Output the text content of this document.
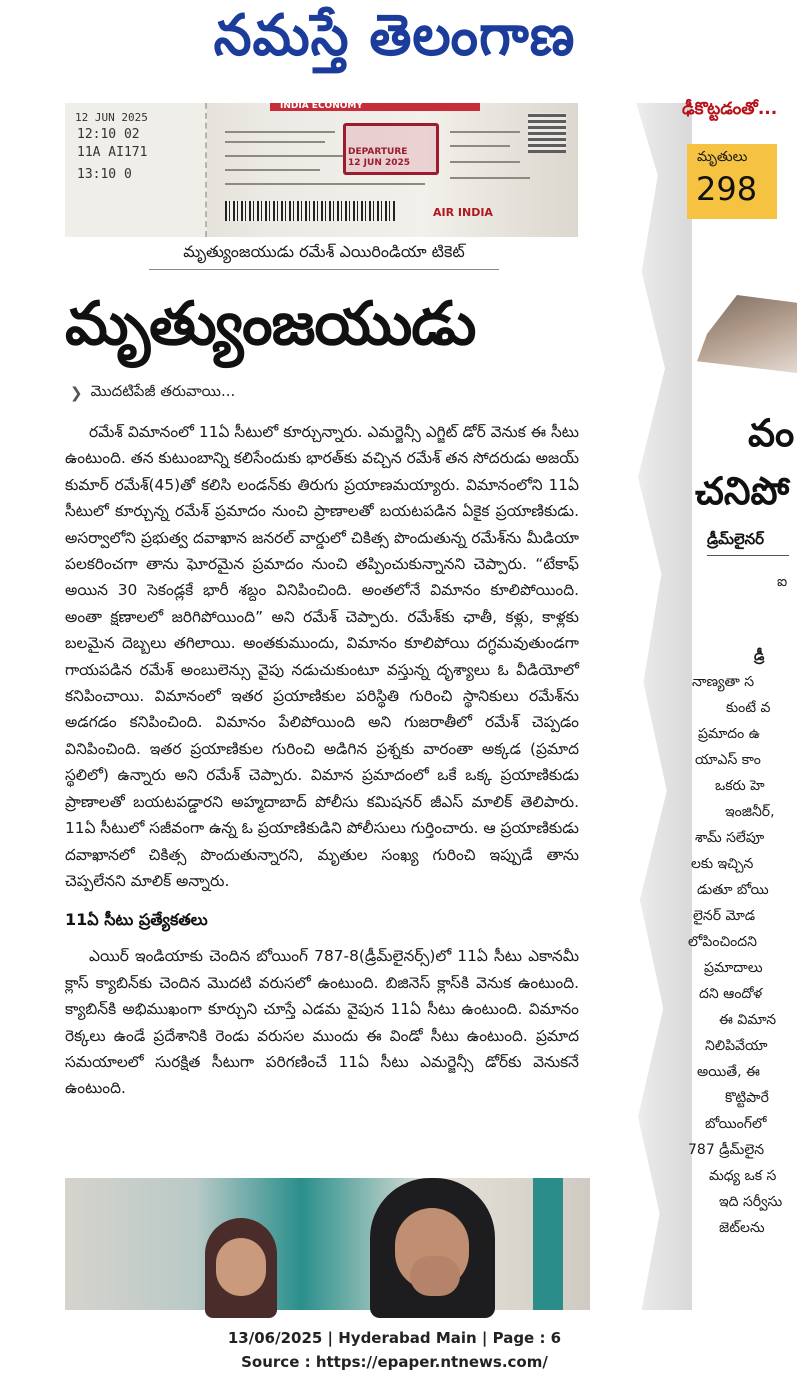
నమస్తే తెలంగాణ
12 JUN 2025
12:10 02
11A AI171
13:10 0
INDIA ECONOMY
DEPARTURE
12 JUN 2025
AIR INDIA
మృత్యుంజయుడు రమేశ్ ఎయిరిండియా టికెట్
మృత్యుంజయుడు
❯ మొదటిపేజీ తరువాయి...

రమేశ్ విమానంలో 11ఏ సీటులో కూర్చున్నారు. ఎమర్జెన్సీ ఎగ్జిట్ డోర్ వెనుక ఈ సీటు ఉంటుంది. తన కుటుంబాన్ని కలిసేందుకు భారత్‌కు వచ్చిన రమేశ్ తన సోదరుడు అజయ్ కుమార్ రమేశ్(45)తో కలిసి లండన్‌కు తిరుగు ప్రయాణమయ్యారు. విమానంలోని 11ఏ సీటులో కూర్చున్న రమేశ్ ప్రమాదం నుంచి ప్రాణాలతో బయటపడిన ఏకైక ప్రయాణికుడు. అసర్వాలోని ప్రభుత్వ దవాఖాన జనరల్ వార్డులో చికిత్స పొందుతున్న రమేశ్‌ను మీడియా పలకరించగా తాను ఘోరమైన ప్రమాదం నుంచి తప్పించుకున్నానని చెప్పారు. “టేకాఫ్ అయిన 30 సెకండ్లకే భారీ శబ్దం వినిపించింది. అంతలోనే విమానం కూలిపోయింది. అంతా క్షణాలలో జరిగిపోయింది” అని రమేశ్ చెప్పారు. రమేశ్‌కు ఛాతీ, కళ్లు, కాళ్లకు బలమైన దెబ్బలు తగిలాయి. అంతకుముందు, విమానం కూలిపోయి దగ్ధమవుతుండగా గాయపడిన రమేశ్ అంబులెన్సు వైపు నడుచుకుంటూ వస్తున్న దృశ్యాలు ఓ వీడియోలో కనిపించాయి. విమానంలో ఇతర ప్రయాణికుల పరిస్థితి గురించి స్థానికులు రమేశ్‌ను అడగడం కనిపించింది. విమానం పేలిపోయింది అని గుజరాతీలో రమేశ్ చెప్పడం వినిపించింది. ఇతర ప్రయాణికుల గురించి అడిగిన ప్రశ్నకు వారంతా అక్కడ (ప్రమాద స్థలిలో) ఉన్నారు అని రమేశ్ చెప్పారు. విమాన ప్రమాదంలో ఒకే ఒక్క ప్రయాణికుడు ప్రాణాలతో బయటపడ్డారని అహ్మదాబాద్ పోలీసు కమిషనర్ జీఎస్ మాలిక్ తెలిపారు. 11ఏ సీటులో సజీవంగా ఉన్న ఓ ప్రయాణికుడిని పోలీసులు గుర్తించారు. ఆ ప్రయాణికుడు దవాఖానలో చికిత్స పొందుతున్నారని, మృతుల సంఖ్య గురించి ఇప్పుడే తాను చెప్పలేనని మాలిక్ అన్నారు.

11ఏ సీటు ప్రత్యేకతలు

ఎయిర్ ఇండియాకు చెందిన బోయింగ్ 787-8(డ్రీమ్‌లైనర్స్)లో 11ఏ సీటు ఎకానమీ క్లాస్ క్యాబిన్‌కు చెందిన మొదటి వరుసలో ఉంటుంది. బిజినెస్ క్లాస్‌కి వెనుక ఉంటుంది. క్యాబిన్‌కి అభిముఖంగా కూర్చుని చూస్తే ఎడమ వైపున 11ఏ సీటు ఉంటుంది. విమానం రెక్కలు ఉండే ప్రదేశానికి రెండు వరుసల ముందు ఈ విండో సీటు ఉంటుంది. ప్రమాద సమయాలలో సురక్షిత సీటుగా పరిగణించే 11ఏ సీటు ఎమర్జెన్సీ డోర్‌కు వెనుకనే ఉంటుంది.

ఢీకొట్టడంతో...
మృతులు
298
వం
చనిపో
డ్రీమ్‌లైనర్
ఐ
డ్రీ
నాణ్యతా స
కుంటే వ
ప్రమాదం ఉ
యాఎస్ కాం
ఒకరు హె
ఇంజినీర్,
శామ్ సలేపూ
లకు ఇచ్చిన
డుతూ బోయి
లైనర్ మోడ
లోపించిందని
ప్రమాదాలు
దని ఆందోళ
ఈ విమాన
నిలిపివేయా
అయితే, ఈ
కొట్టిపారే
బోయింగ్‌లో
787 డ్రీమ్‌లైన
మధ్య ఒక స
ఇది సర్వీసు
జెట్‌లను
13/06/2025 | Hyderabad Main | Page : 6
Source : https://epaper.ntnews.com/
